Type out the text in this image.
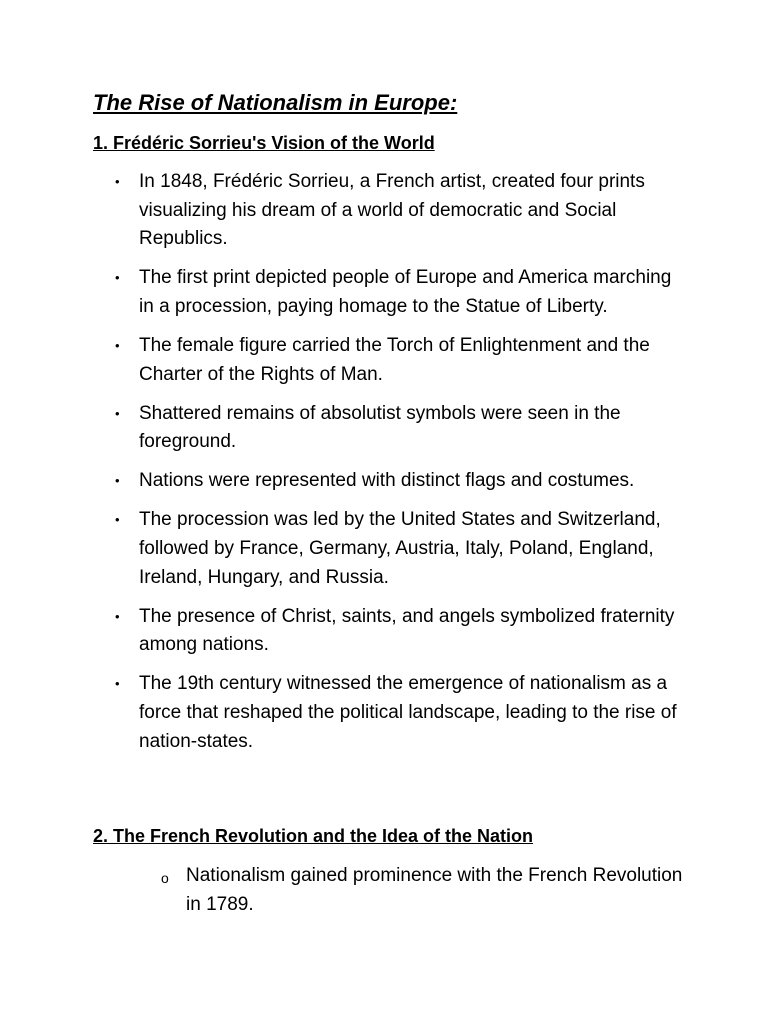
The Rise of Nationalism in Europe:
1. Frédéric Sorrieu's Vision of the World
• In 1848, Frédéric Sorrieu, a French artist, created four prints visualizing his dream of a world of democratic and Social Republics.
• The first print depicted people of Europe and America marching in a procession, paying homage to the Statue of Liberty.
• The female figure carried the Torch of Enlightenment and the Charter of the Rights of Man.
• Shattered remains of absolutist symbols were seen in the foreground.
• Nations were represented with distinct flags and costumes.
• The procession was led by the United States and Switzerland, followed by France, Germany, Austria, Italy, Poland, England, Ireland, Hungary, and Russia.
• The presence of Christ, saints, and angels symbolized fraternity among nations.
• The 19th century witnessed the emergence of nationalism as a force that reshaped the political landscape, leading to the rise of nation-states.
2. The French Revolution and the Idea of the Nation
o Nationalism gained prominence with the French Revolution in 1789.
